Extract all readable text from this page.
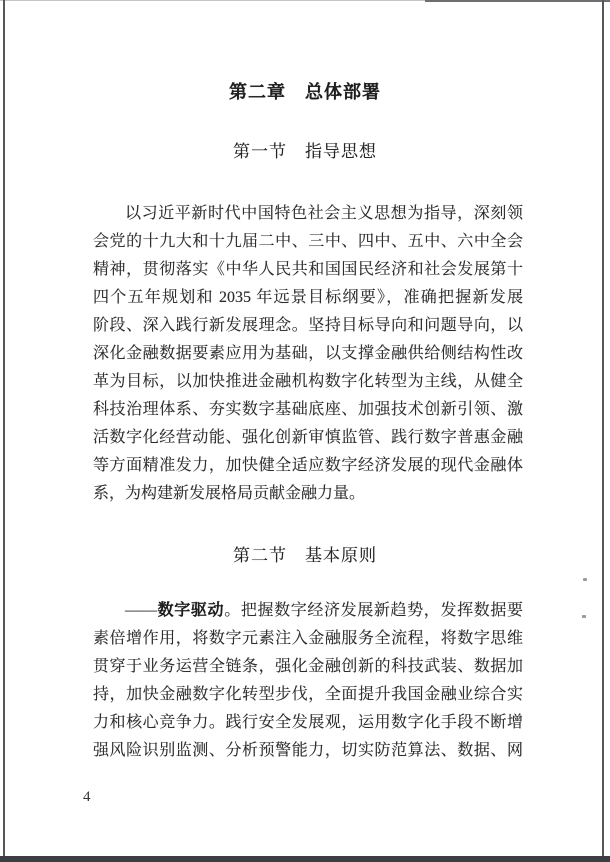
第二章　总体部署
第一节　指导思想
以习近平新时代中国特色社会主义思想为指导，深刻领
会党的十九大和十九届二中、三中、四中、五中、六中全会
精神，贯彻落实《中华人民共和国国民经济和社会发展第十
四个五年规划和 2035 年远景目标纲要》，准确把握新发展
阶段、深入践行新发展理念。坚持目标导向和问题导向，以
深化金融数据要素应用为基础，以支撑金融供给侧结构性改
革为目标，以加快推进金融机构数字化转型为主线，从健全
科技治理体系、夯实数字基础底座、加强技术创新引领、激
活数字化经营动能、强化创新审慎监管、践行数字普惠金融
等方面精准发力，加快健全适应数字经济发展的现代金融体
系，为构建新发展格局贡献金融力量。
第二节　基本原则
——数字驱动。把握数字经济发展新趋势，发挥数据要
素倍增作用，将数字元素注入金融服务全流程，将数字思维
贯穿于业务运营全链条，强化金融创新的科技武装、数据加
持，加快金融数字化转型步伐，全面提升我国金融业综合实
力和核心竞争力。践行安全发展观，运用数字化手段不断增
强风险识别监测、分析预警能力，切实防范算法、数据、网
4
